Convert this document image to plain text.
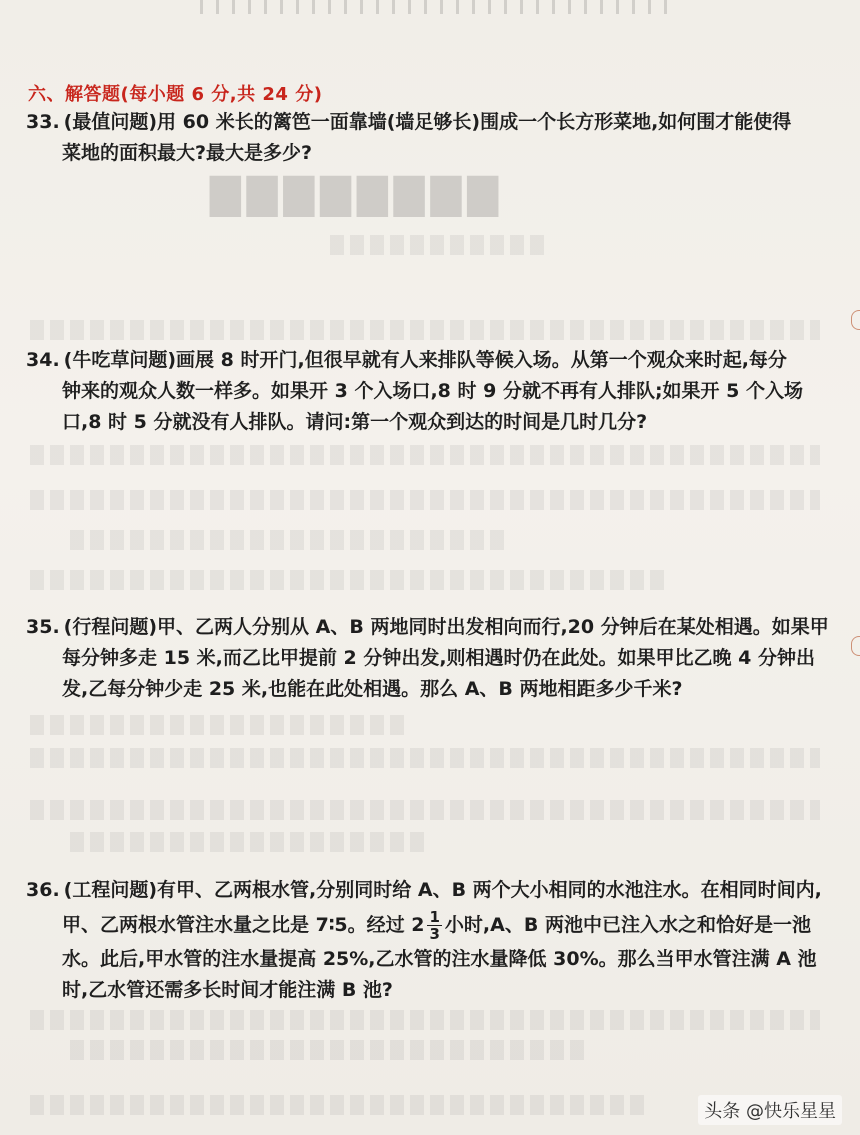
▇▇▇▇▇▇▇▇
六、解答题(每小题 6 分,共 24 分)
33. (最值问题)用 60 米长的篱笆一面靠墙(墙足够长)围成一个长方形菜地,如何围才能使得
菜地的面积最大?最大是多少?
34. (牛吃草问题)画展 8 时开门,但很早就有人来排队等候入场。从第一个观众来时起,每分
钟来的观众人数一样多。如果开 3 个入场口,8 时 9 分就不再有人排队;如果开 5 个入场
口,8 时 5 分就没有人排队。请问:第一个观众到达的时间是几时几分?
35. (行程问题)甲、乙两人分别从 A、B 两地同时出发相向而行,20 分钟后在某处相遇。如果甲
每分钟多走 15 米,而乙比甲提前 2 分钟出发,则相遇时仍在此处。如果甲比乙晚 4 分钟出
发,乙每分钟少走 25 米,也能在此处相遇。那么 A、B 两地相距多少千米?
36. (工程问题)有甲、乙两根水管,分别同时给 A、B 两个大小相同的水池注水。在相同时间内,
甲、乙两根水管注水量之比是 7∶5。经过 $2 \frac{1}{3}$ 小时,A、B 两池中已注入水之和恰好是一池
水。此后,甲水管的注水量提高 25%,乙水管的注水量降低 30%。那么当甲水管注满 A 池
时,乙水管还需多长时间才能注满 B 池?
头条 @快乐星星
